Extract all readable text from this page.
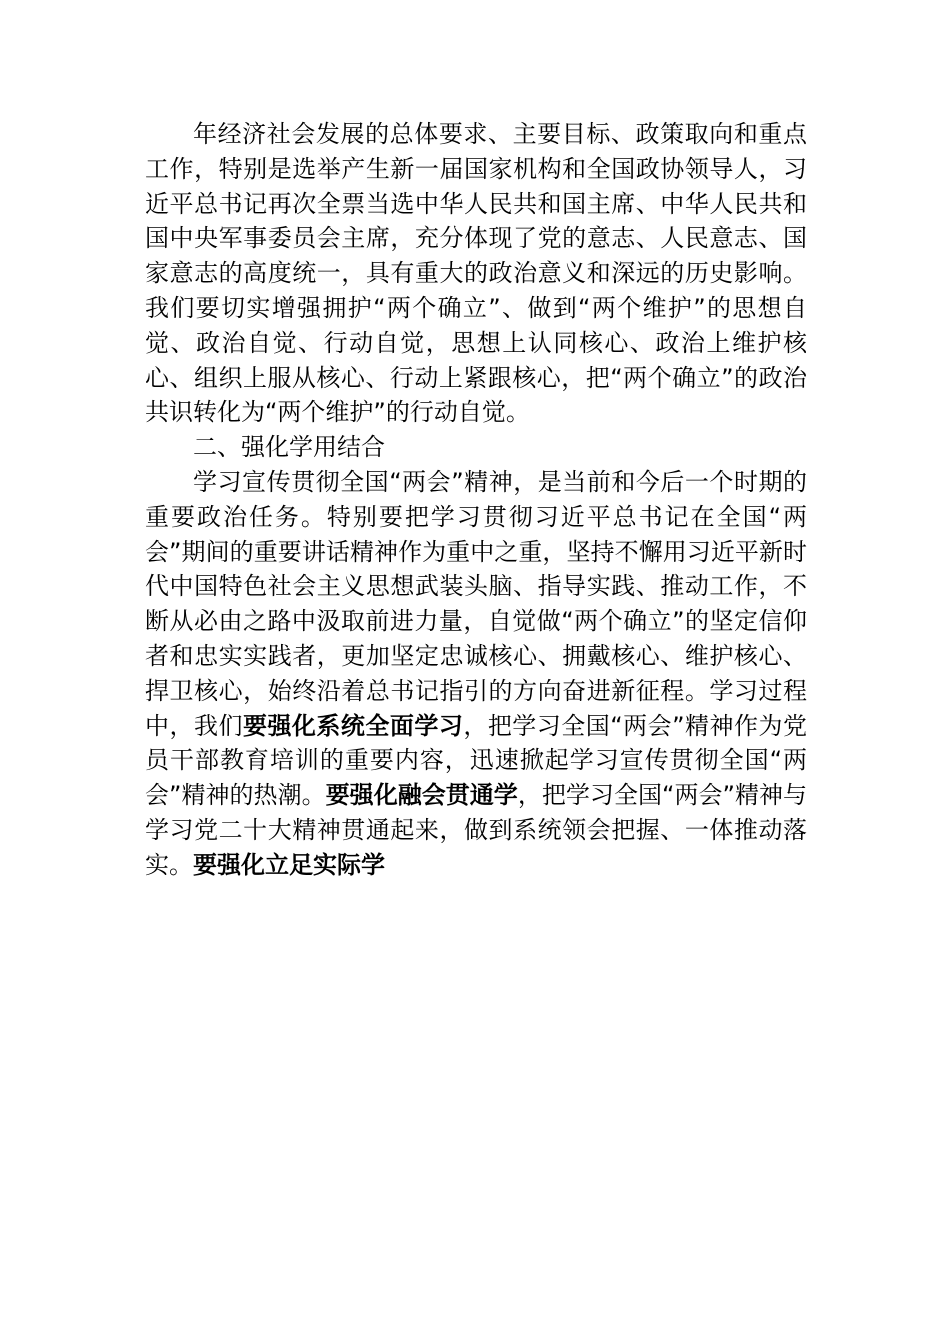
年经济社会发展的总体要求、主要目标、政策取向和重点工作，特别是选举产生新一届国家机构和全国政协领导人，习近平总书记再次全票当选中华人民共和国主席、中华人民共和国中央军事委员会主席，充分体现了党的意志、人民意志、国家意志的高度统一，具有重大的政治意义和深远的历史影响。我们要切实增强拥护“两个确立”、做到“两个维护”的思想自觉、政治自觉、行动自觉，思想上认同核心、政治上维护核心、组织上服从核心、行动上紧跟核心，把“两个确立”的政治共识转化为“两个维护”的行动自觉。

二、强化学用结合

学习宣传贯彻全国“两会”精神，是当前和今后一个时期的重要政治任务。特别要把学习贯彻习近平总书记在全国“两会”期间的重要讲话精神作为重中之重，坚持不懈用习近平新时代中国特色社会主义思想武装头脑、指导实践、推动工作，不断从必由之路中汲取前进力量，自觉做“两个确立”的坚定信仰者和忠实实践者，更加坚定忠诚核心、拥戴核心、维护核心、捍卫核心，始终沿着总书记指引的方向奋进新征程。学习过程中，我们要强化系统全面学习，把学习全国“两会”精神作为党员干部教育培训的重要内容，迅速掀起学习宣传贯彻全国“两会”精神的热潮。要强化融会贯通学，把学习全国“两会”精神与学习党二十大精神贯通起来，做到系统领会把握、一体推动落实。要强化立足实际学
